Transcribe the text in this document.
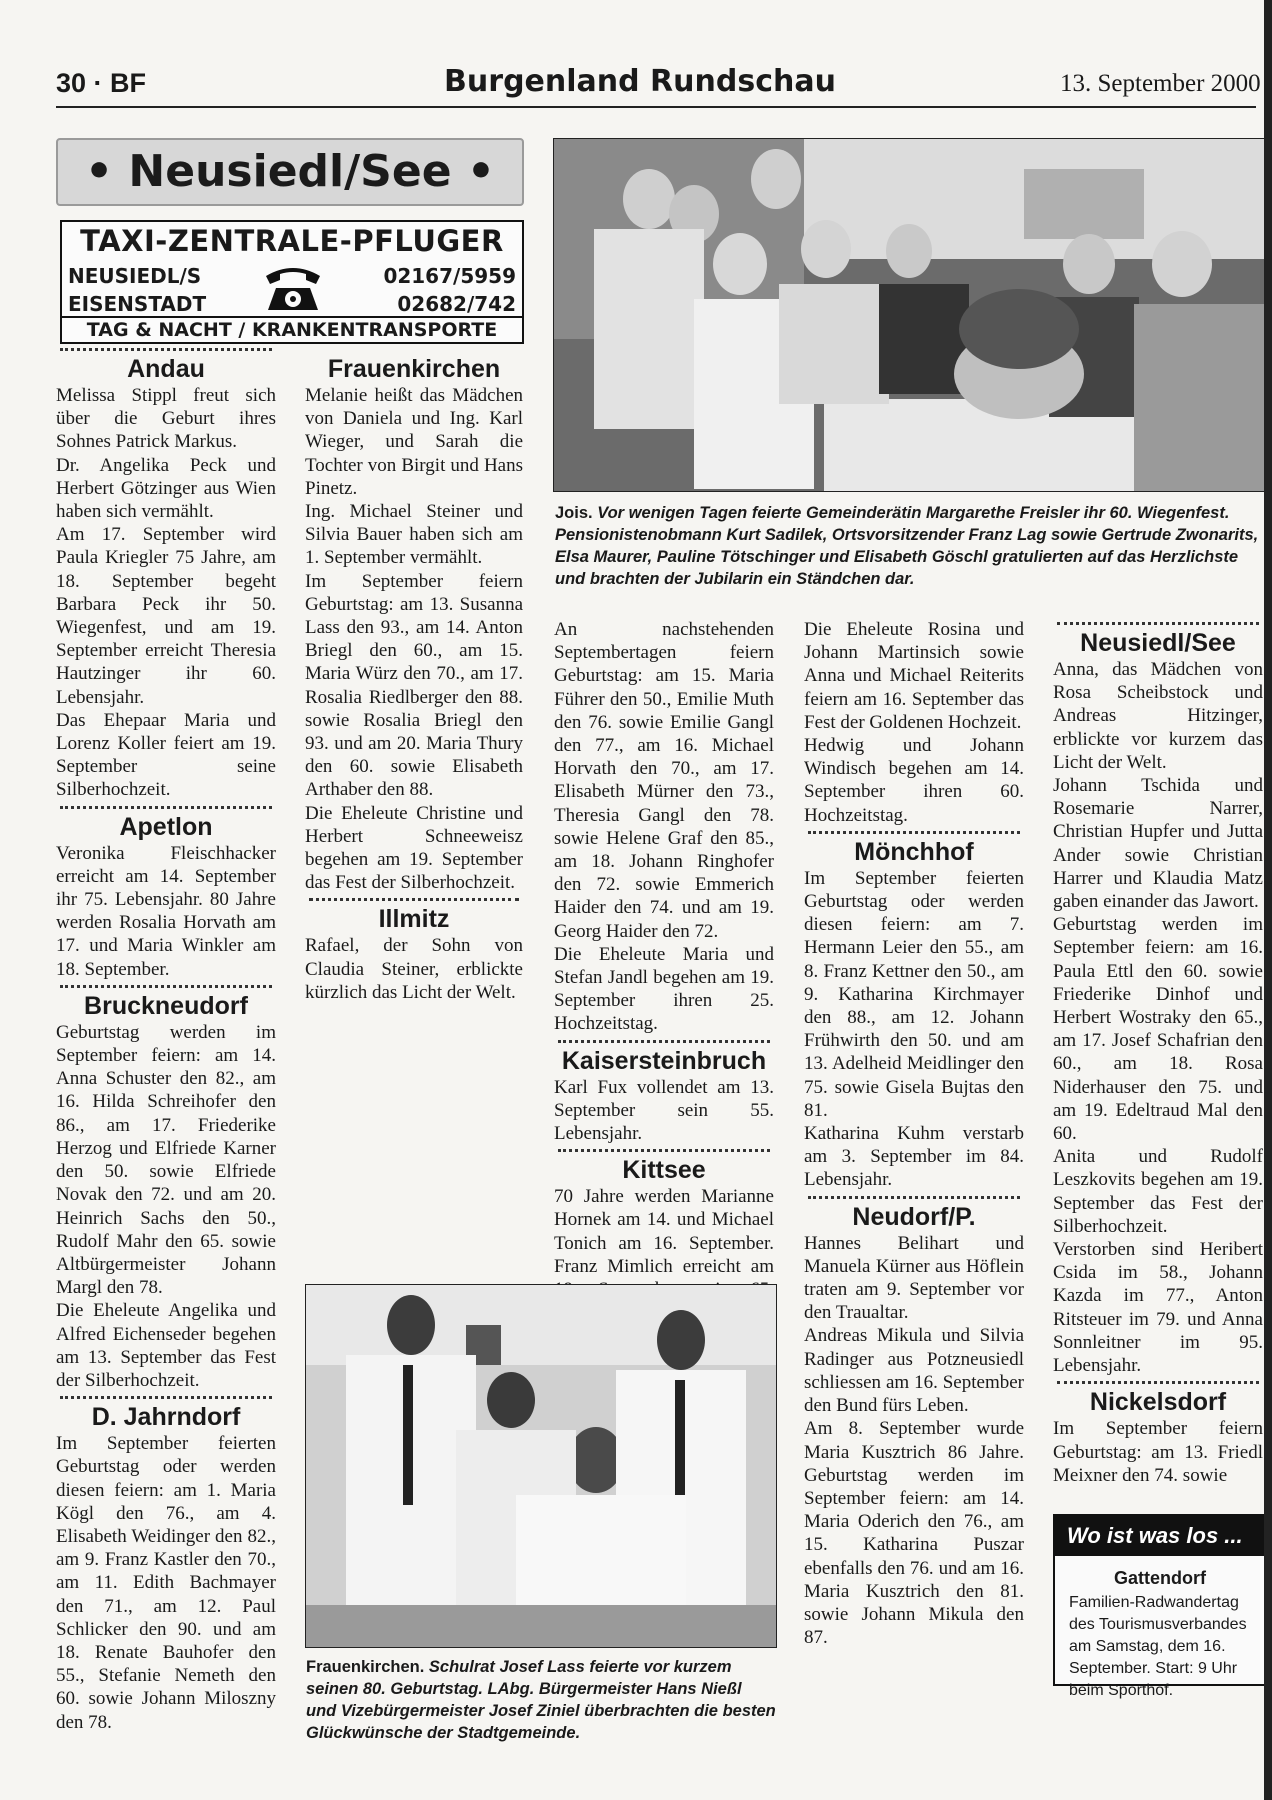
30 · BF	Burgenland Rundschau	13. September 2000
• Neusiedl/See •
TAXI-ZENTRALE-PFLUGER
NEUSIEDL/S	02167/5959
EISENSTADT	02682/742
TAG & NACHT / KRANKENTRANSPORTE
Andau

Melissa Stippl freut sich über die Geburt ihres Sohnes Patrick Markus.

Dr. Angelika Peck und Herbert Götzinger aus Wien haben sich vermählt.

Am 17. September wird Paula Kriegler 75 Jahre, am 18. September begeht Barbara Peck ihr 50. Wiegenfest, und am 19. September erreicht Theresia Hautzinger ihr 60. Lebensjahr.

Das Ehepaar Maria und Lorenz Koller feiert am 19. September seine Silberhochzeit.

Apetlon

Veronika Fleischhacker erreicht am 14. September ihr 75. Lebensjahr. 80 Jahre werden Rosalia Horvath am 17. und Maria Winkler am 18. September.

Bruckneudorf

Geburtstag werden im September feiern: am 14. Anna Schuster den 82., am 16. Hilda Schreihofer den 86., am 17. Friederike Herzog und Elfriede Karner den 50. sowie Elfriede Novak den 72. und am 20. Heinrich Sachs den 50., Rudolf Mahr den 65. sowie Altbürgermeister Johann Margl den 78.

Die Eheleute Angelika und Alfred Eichenseder begehen am 13. September das Fest der Silberhochzeit.

D. Jahrndorf

Im September feierten Geburtstag oder werden diesen feiern: am 1. Maria Kögl den 76., am 4. Elisabeth Weidinger den 82., am 9. Franz Kastler den 70., am 11. Edith Bachmayer den 71., am 12. Paul Schlicker den 90. und am 18. Renate Bauhofer den 55., Stefanie Nemeth den 60. sowie Johann Miloszny den 78.

Frauenkirchen

Melanie heißt das Mädchen von Daniela und Ing. Karl Wieger, und Sarah die Tochter von Birgit und Hans Pinetz.

Ing. Michael Steiner und Silvia Bauer haben sich am 1. September vermählt.

Im September feiern Geburtstag: am 13. Susanna Lass den 93., am 14. Anton Briegl den 60., am 15. Maria Würz den 70., am 17. Rosalia Riedlberger den 88. sowie Rosalia Briegl den 93. und am 20. Maria Thury den 60. sowie Elisabeth Arthaber den 88.

Die Eheleute Christine und Herbert Schneeweisz begehen am 19. September das Fest der Silberhochzeit.

Illmitz

Rafael, der Sohn von Claudia Steiner, erblickte kürzlich das Licht der Welt.

Jois. Vor wenigen Tagen feierte Gemeinderätin Margarethe Freisler ihr 60. Wiegenfest. Pensionistenobmann Kurt Sadilek, Ortsvorsitzender Franz Lag sowie Gertrude Zwonarits, Elsa Maurer, Pauline Tötschinger und Elisabeth Göschl gratulierten auf das Herzlichste und brachten der Jubilarin ein Ständchen dar.

An nachstehenden Septembertagen feiern Geburtstag: am 15. Maria Führer den 50., Emilie Muth den 76. sowie Emilie Gangl den 77., am 16. Michael Horvath den 70., am 17. Elisabeth Mürner den 73., Theresia Gangl den 78. sowie Helene Graf den 85., am 18. Johann Ringhofer den 72. sowie Emmerich Haider den 74. und am 19. Georg Haider den 72.

Die Eheleute Maria und Stefan Jandl begehen am 19. September ihren 25. Hochzeitstag.

Kaisersteinbruch

Karl Fux vollendet am 13. September sein 55. Lebensjahr.

Kittsee

70 Jahre werden Marianne Hornek am 14. und Michael Tonich am 16. September. Franz Mimlich erreicht am

Die Eheleute Rosina und Johann Martinsich sowie Anna und Michael Reiterits feiern am 16. September das Fest der Goldenen Hochzeit.

Hedwig und Johann Windisch begehen am 14. September ihren 60. Hochzeitstag.

Mönchhof

Im September feierten Geburtstag oder werden diesen feiern: am 7. Hermann Leier den 55., am 8. Franz Kettner den 50., am 9. Katharina Kirchmayer den 88., am 12. Johann Frühwirth den 50. und am 13. Adelheid Meidlinger den 75. sowie Gisela Bujtas den 81.

Katharina Kuhm verstarb am 3. September im 84. Lebensjahr.

Neudorf/P.

Hannes Belihart und Manuela Kürner aus Höflein traten am 9. September vor den Traualtar.

Andreas Mikula und Silvia Radinger aus Potzneusiedl schliessen am 16. September den Bund fürs Leben.

Am 8. September wurde Maria Kusztrich 86 Jahre. Geburtstag werden im September feiern: am 14. Maria Oderich den 76., am 15. Katharina Puszar ebenfalls den 76. und am 16. Maria Kusztrich den 81. sowie Johann Mikula den 87.

Neusiedl/See

Anna, das Mädchen von Rosa Scheibstock und Andreas Hitzinger, erblickte vor kurzem das Licht der Welt.

Johann Tschida und Rosemarie Narrer, Christian Hupfer und Jutta Ander sowie Christian Harrer und Klaudia Matz gaben einander das Jawort.

Geburtstag werden im September feiern: am 16. Paula Ettl den 60. sowie Friederike Dinhof und Herbert Wostraky den 65., am 17. Josef Schafrian den 60., am 18. Rosa Niderhauser den 75. und am 19. Edeltraud Mal den 60.

Anita und Rudolf Leszkovits begehen am 19. September das Fest der Silberhochzeit.

Verstorben sind Heribert Csida im 58., Johann Kazda im 77., Anton Ritsteuer im 79. und Anna Sonnleitner im 95. Lebensjahr.

Nickelsdorf

Im September feiern Geburtstag: am 13. Friedl Meixner den 74. sowie

Frauenkirchen. Schulrat Josef Lass feierte vor kurzem seinen 80. Geburtstag. LAbg. Bürgermeister Hans Nießl und Vizebürgermeister Josef Ziniel überbrachten die besten Glückwünsche der Stadtgemeinde.
Wo ist was los ...
Gattendorf
Familien-Radwandertag des Tourismusverbandes am Samstag, dem 16. September. Start: 9 Uhr beim Sporthof.
